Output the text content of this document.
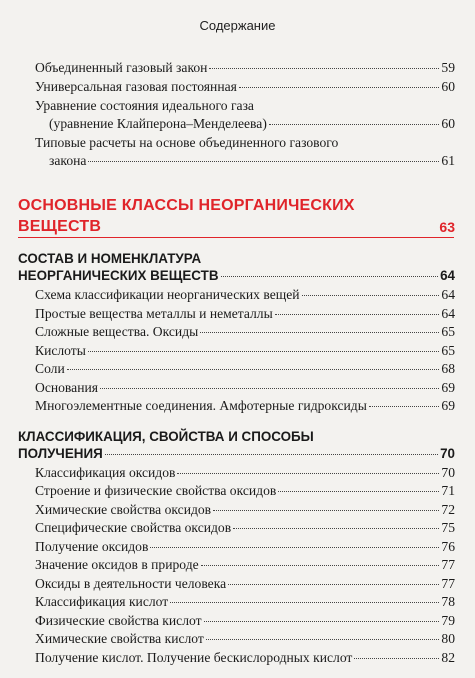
Содержание
Объединенный газовый закон	59
Универсальная газовая постоянная	60
Уравнение состояния идеального газа
(уравнение Клайперона–Менделеева)	60
Типовые расчеты на основе объединенного газового
закона	61
ОСНОВНЫЕ КЛАССЫ НЕОРГАНИЧЕСКИХ
ВЕЩЕСТВ	63
СОСТАВ И НОМЕНКЛАТУРА
НЕОРГАНИЧЕСКИХ ВЕЩЕСТВ	64
Схема классификации неорганических вещей	64
Простые вещества металлы и неметаллы	64
Сложные вещества. Оксиды	65
Кислоты	65
Соли	68
Основания	69
Многоэлементные соединения. Амфотерные гидроксиды	69
КЛАССИФИКАЦИЯ, СВОЙСТВА И СПОСОБЫ
ПОЛУЧЕНИЯ	70
Классификация оксидов	70
Строение и физические свойства оксидов	71
Химические свойства оксидов	72
Специфические свойства оксидов	75
Получение оксидов	76
Значение оксидов в природе	77
Оксиды в деятельности человека	77
Классификация кислот	78
Физические свойства кислот	79
Химические свойства кислот	80
Получение кислот. Получение бескислородных кислот	82
